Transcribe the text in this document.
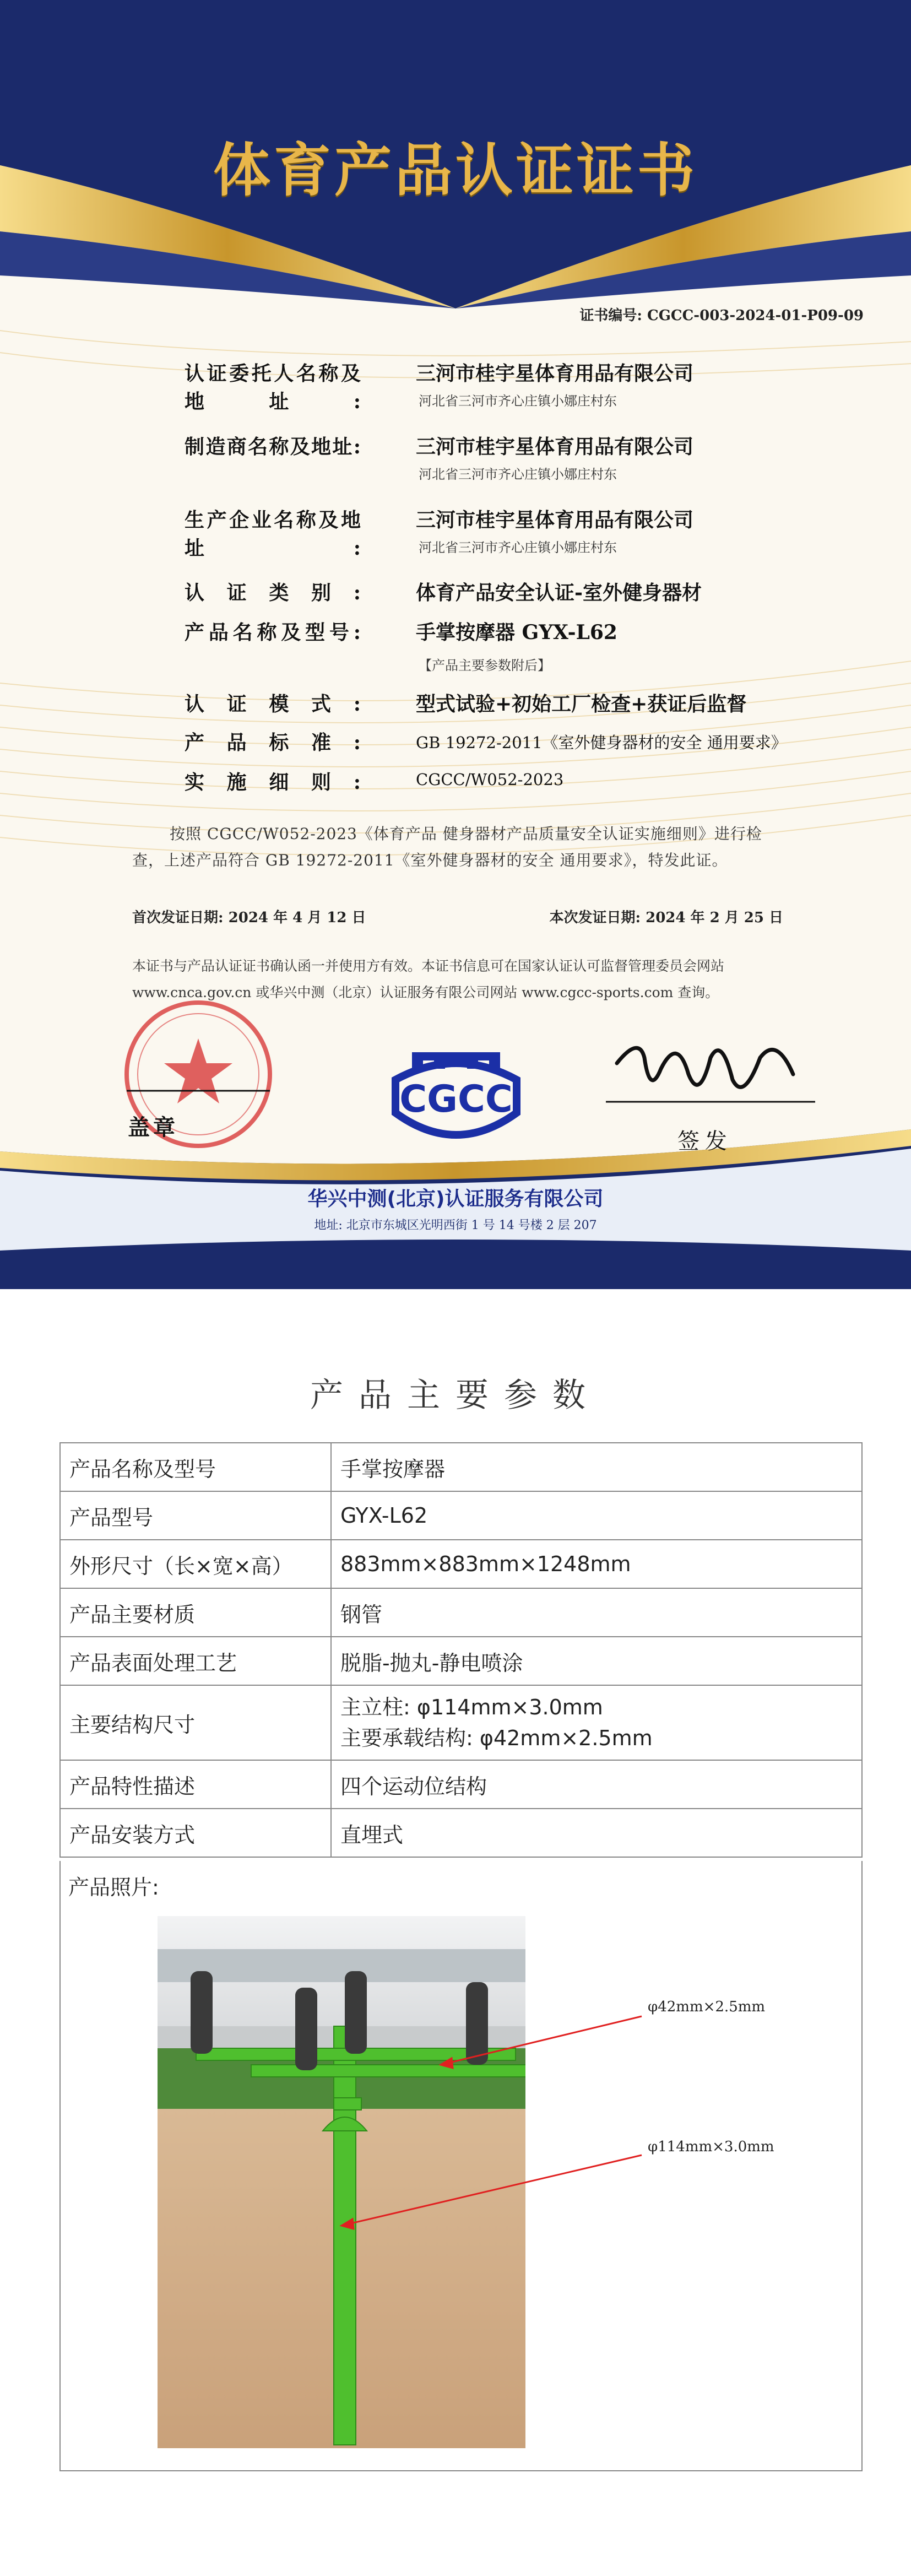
体育产品认证证书
证书编号: CGCC-003-2024-01-P09-09
认证委托人名称及地址:
三河市桂宇星体育用品有限公司
河北省三河市齐心庄镇小娜庄村东
制造商名称及地址:	三河市桂宇星体育用品有限公司
河北省三河市齐心庄镇小娜庄村东
生产企业名称及地址:
三河市桂宇星体育用品有限公司
河北省三河市齐心庄镇小娜庄村东
认证类别:	体育产品安全认证-室外健身器材
产品名称及型号:	手掌按摩器 GYX-L62
【产品主要参数附后】
认证模式:	型式试验+初始工厂检查+获证后监督
产品标准:	GB 19272-2011《室外健身器材的安全 通用要求》
实施细则:	CGCC/W052-2023
按照 CGCC/W052-2023《体育产品 健身器材产品质量安全认证实施细则》进行检查，上述产品符合 GB 19272-2011《室外健身器材的安全 通用要求》，特发此证。
首次发证日期: 2024 年 4 月 12 日	本次发证日期: 2024 年 2 月 25 日
本证书与产品认证证书确认函一并使用方有效。本证书信息可在国家认证认可监督管理委员会网站 www.cnca.gov.cn 或华兴中测（北京）认证服务有限公司网站 www.cgcc-sports.com 查询。
盖章
CGCC
签发
华兴中测(北京)认证服务有限公司
地址: 北京市东城区光明西街 1 号 14 号楼 2 层 207
产品主要参数
产品名称及型号	手掌按摩器
产品型号	GYX-L62
外形尺寸（长×宽×高）	883mm×883mm×1248mm
产品主要材质	钢管
产品表面处理工艺	脱脂-抛丸-静电喷涂
主要结构尺寸	主立柱: φ114mm×3.0mm
主要承载结构: φ42mm×2.5mm

产品特性描述	四个运动位结构
产品安装方式	直埋式
产品照片:
φ42mm×2.5mm
φ114mm×3.0mm
